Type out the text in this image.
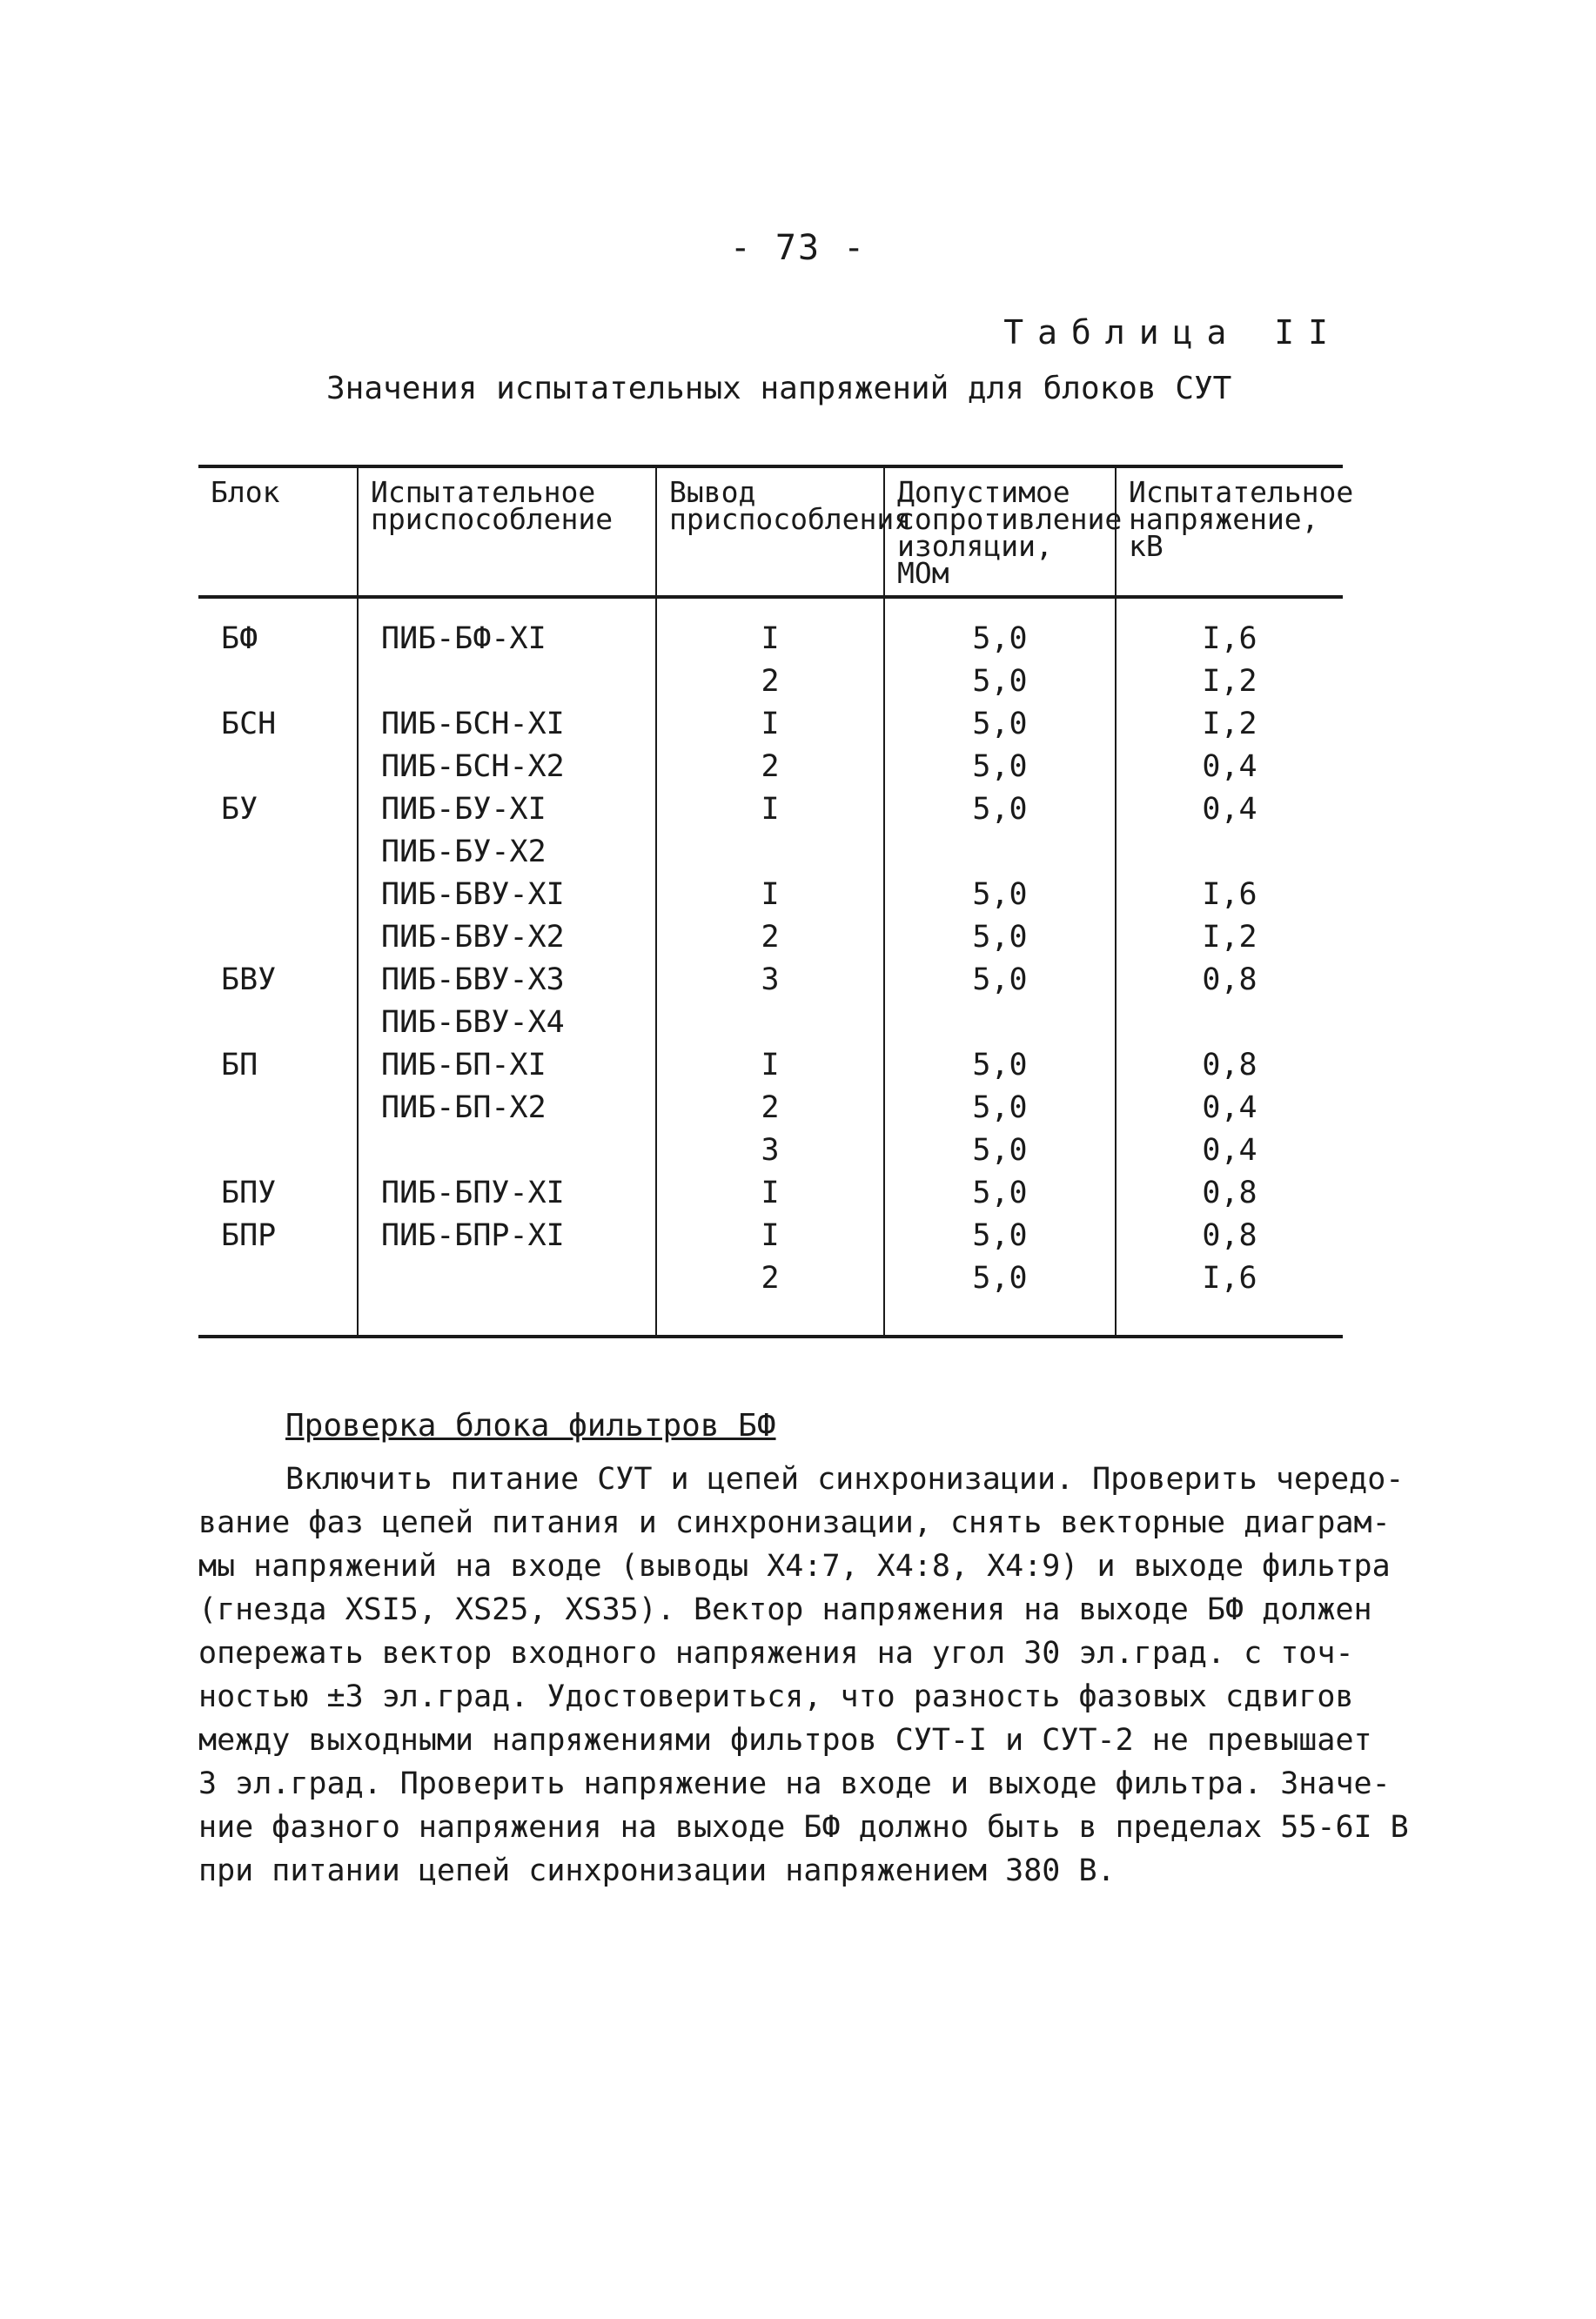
- 73 -
Таблица II
Значения испытательных напряжений для блоков СУТ
Блок	Испытательное приспособление	Вывод приспособления	Допустимое сопротивление изоляции, МОм	Испытательное напряжение, кВ
БФ	ПИБ-БФ-ХI	I	5,0	I,6
		2	5,0	I,2
БСН	ПИБ-БСН-ХI	I	5,0	I,2
	ПИБ-БСН-Х2	2	5,0	0,4
БУ	ПИБ-БУ-ХI	I	5,0	0,4
	ПИБ-БУ-Х2			
	ПИБ-БВУ-ХI	I	5,0	I,6
	ПИБ-БВУ-Х2	2	5,0	I,2
БВУ	ПИБ-БВУ-Х3	3	5,0	0,8
	ПИБ-БВУ-Х4			
БП	ПИБ-БП-ХI	I	5,0	0,8
	ПИБ-БП-Х2	2	5,0	0,4
		3	5,0	0,4
БПУ	ПИБ-БПУ-ХI	I	5,0	0,8
БПР	ПИБ-БПР-ХI	I	5,0	0,8
		2	5,0	I,6
Проверка блока фильтров БФ
Включить питание СУТ и цепей синхронизации. Проверить чередо-
вание фаз цепей питания и синхронизации, снять векторные диаграм-
мы напряжений на входе (выводы Х4:7, Х4:8, Х4:9) и выходе фильтра
(гнезда XSI5, XS25, XS35). Вектор напряжения на выходе БФ должен
опережать вектор входного напряжения на угол 30 эл.град. с точ-
ностью ±3 эл.град. Удостовериться, что разность фазовых сдвигов
между выходными напряжениями фильтров СУТ-I и СУТ-2 не превышает
3 эл.град. Проверить напряжение на входе и выходе фильтра. Значе-
ние фазного напряжения на выходе БФ должно быть в пределах 55-6I В
при питании цепей синхронизации напряжением 380 В.
